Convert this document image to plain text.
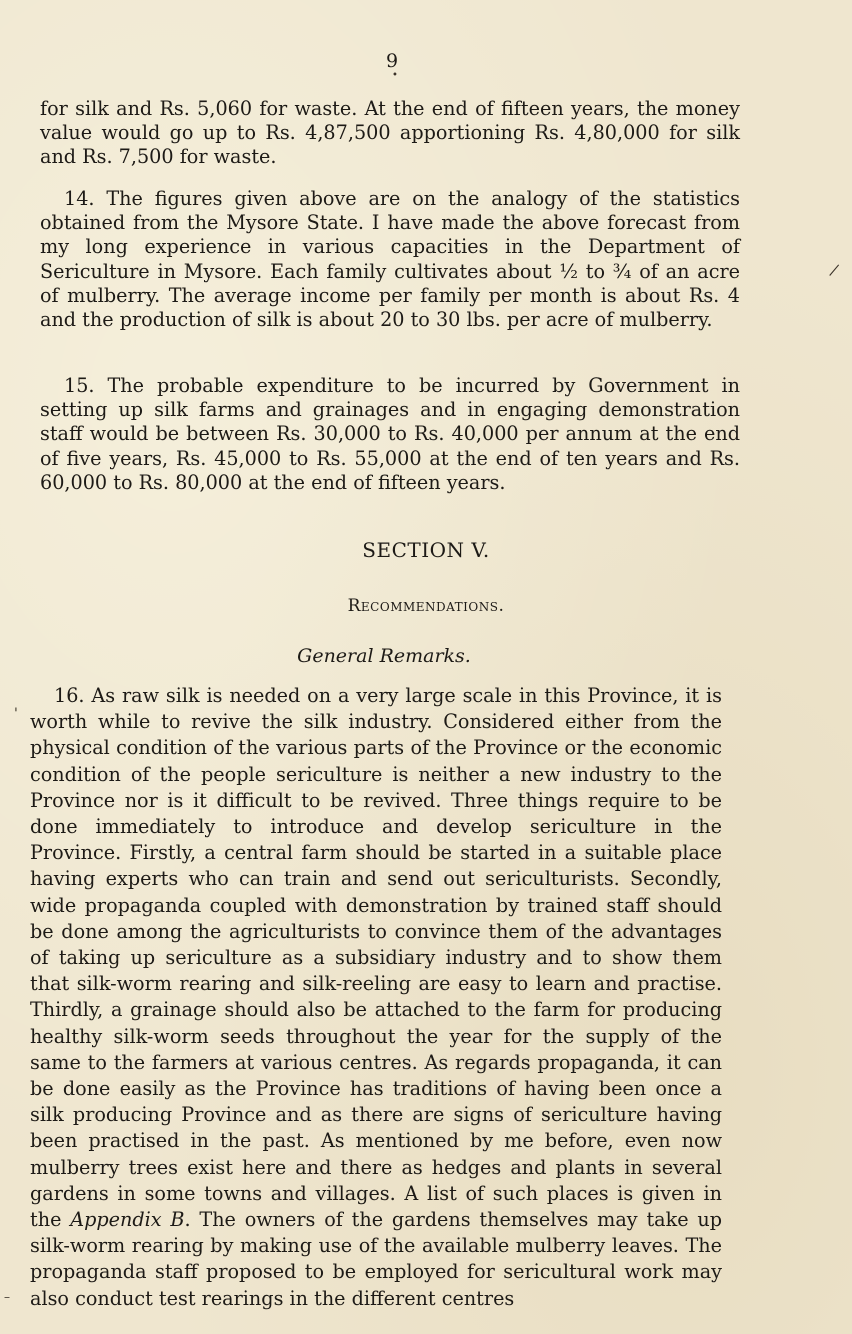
9
•

for silk and Rs. 5,060 for waste. At the end of fifteen years, the money value would go up to Rs. 4,87,500 apportioning Rs. 4,80,000 for silk and Rs. 7,500 for waste.

14. The figures given above are on the analogy of the statistics obtained from the Mysore State. I have made the above forecast from my long experience in various capacities in the Department of Sericulture in Mysore. Each family cultivates about ½ to ¾ of an acre of mulberry. The average income per family per month is about Rs. 4 and the production of silk is about 20 to 30 lbs. per acre of mulberry.

15. The probable expenditure to be incurred by Government in setting up silk farms and grainages and in engaging demonstration staff would be between Rs. 30,000 to Rs. 40,000 per annum at the end of five years, Rs. 45,000 to Rs. 55,000 at the end of ten years and Rs. 60,000 to Rs. 80,000 at the end of fifteen years.

SECTION V.
Recommendations.
General Remarks.

16. As raw silk is needed on a very large scale in this Province, it is worth while to revive the silk industry. Considered either from the physical condition of the various parts of the Province or the economic condition of the people sericulture is neither a new industry to the Province nor is it difficult to be revived. Three things require to be done immediately to introduce and develop sericulture in the Province. Firstly, a central farm should be started in a suitable place having experts who can train and send out sericulturists. Secondly, wide propaganda coupled with demonstration by trained staff should be done among the agriculturists to convince them of the advantages of taking up sericulture as a subsidiary industry and to show them that silk-worm rearing and silk-reeling are easy to learn and practise. Thirdly, a grainage should also be attached to the farm for producing healthy silk-worm seeds throughout the year for the supply of the same to the farmers at various centres. As regards propaganda, it can be done easily as the Province has traditions of having been once a silk producing Province and as there are signs of sericulture having been practised in the past. As mentioned by me before, even now mulberry trees exist here and there as hedges and plants in several gardens in some towns and villages. A list of such places is given in the Appendix B. The owners of the gardens themselves may take up silk-worm rearing by making use of the available mulberry leaves. The propaganda staff proposed to be employed for sericultural work may also conduct test rearings in the different centres

|
'
–
